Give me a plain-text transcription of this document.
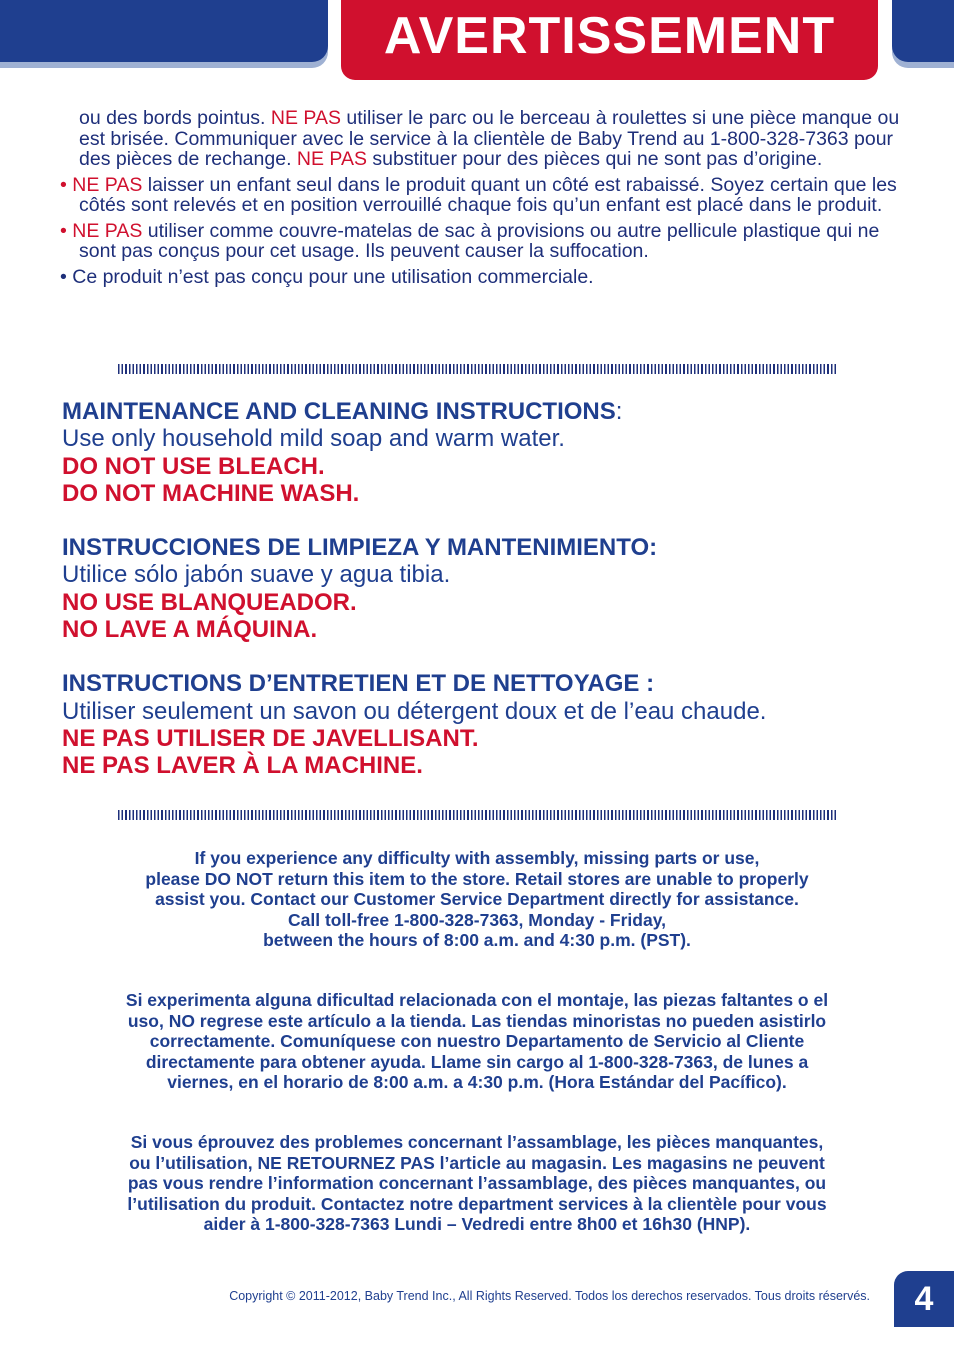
AVERTISSEMENT

ou des bords pointus. NE PAS utiliser le parc ou le berceau à roulettes si une pièce manque ou est brisée. Communiquer avec le service à la clientèle de Baby Trend au 1-800-328-7363 pour des pièces de rechange. NE PAS substituer pour des pièces qui ne sont pas d’origine.

• NE PAS laisser un enfant seul dans le produit quant un côté est rabaissé. Soyez certain que les côtés sont relevés et en position verrouillé chaque fois qu’un enfant est placé dans le produit.

• NE PAS utiliser comme couvre-matelas de sac à provisions ou autre pellicule plastique qui ne sont pas conçus pour cet usage. Ils peuvent causer la suffocation.

• Ce produit n’est pas conçu pour une utilisation commerciale.

MAINTENANCE AND CLEANING INSTRUCTIONS:
Use only household mild soap and warm water.
DO NOT USE BLEACH.
DO NOT MACHINE WASH.
INSTRUCCIONES DE LIMPIEZA Y MANTENIMIENTO:
Utilice sólo jabón suave y agua tibia.
NO USE BLANQUEADOR.
NO LAVE A MÁQUINA.
INSTRUCTIONS D’ENTRETIEN ET DE NETTOYAGE :
Utiliser seulement un savon ou détergent doux et de l’eau chaude.
NE PAS UTILISER DE JAVELLISANT.
NE PAS LAVER À LA MACHINE.
If you experience any difficulty with assembly, missing parts or use,
please DO NOT return this item to the store. Retail stores are unable to properly
assist you. Contact our Customer Service Department directly for assistance.
Call toll-free 1-800-328-7363, Monday - Friday,
between the hours of 8:00 a.m. and 4:30 p.m. (PST).
Si experimenta alguna dificultad relacionada con el montaje, las piezas faltantes o el
uso, NO regrese este artículo a la tienda. Las tiendas minoristas no pueden asistirlo
correctamente. Comuníquese con nuestro Departamento de Servicio al Cliente
directamente para obtener ayuda. Llame sin cargo al 1-800-328-7363, de lunes a
viernes, en el horario de 8:00 a.m. a 4:30 p.m. (Hora Estándar del Pacífico).
Si vous éprouvez des problemes concernant l’assamblage, les pièces manquantes,
ou l’utilisation, NE RETOURNEZ PAS l’article au magasin. Les magasins ne peuvent
pas vous rendre l’information concernant l’assamblage, des pièces manquantes, ou
l’utilisation du produit. Contactez notre department services à la clientèle pour vous
aider à 1-800-328-7363 Lundi – Vedredi entre 8h00 et 16h30 (HNP).
Copyright © 2011-2012, Baby Trend Inc., All Rights Reserved. Todos los derechos reservados. Tous droits réservés.	4
